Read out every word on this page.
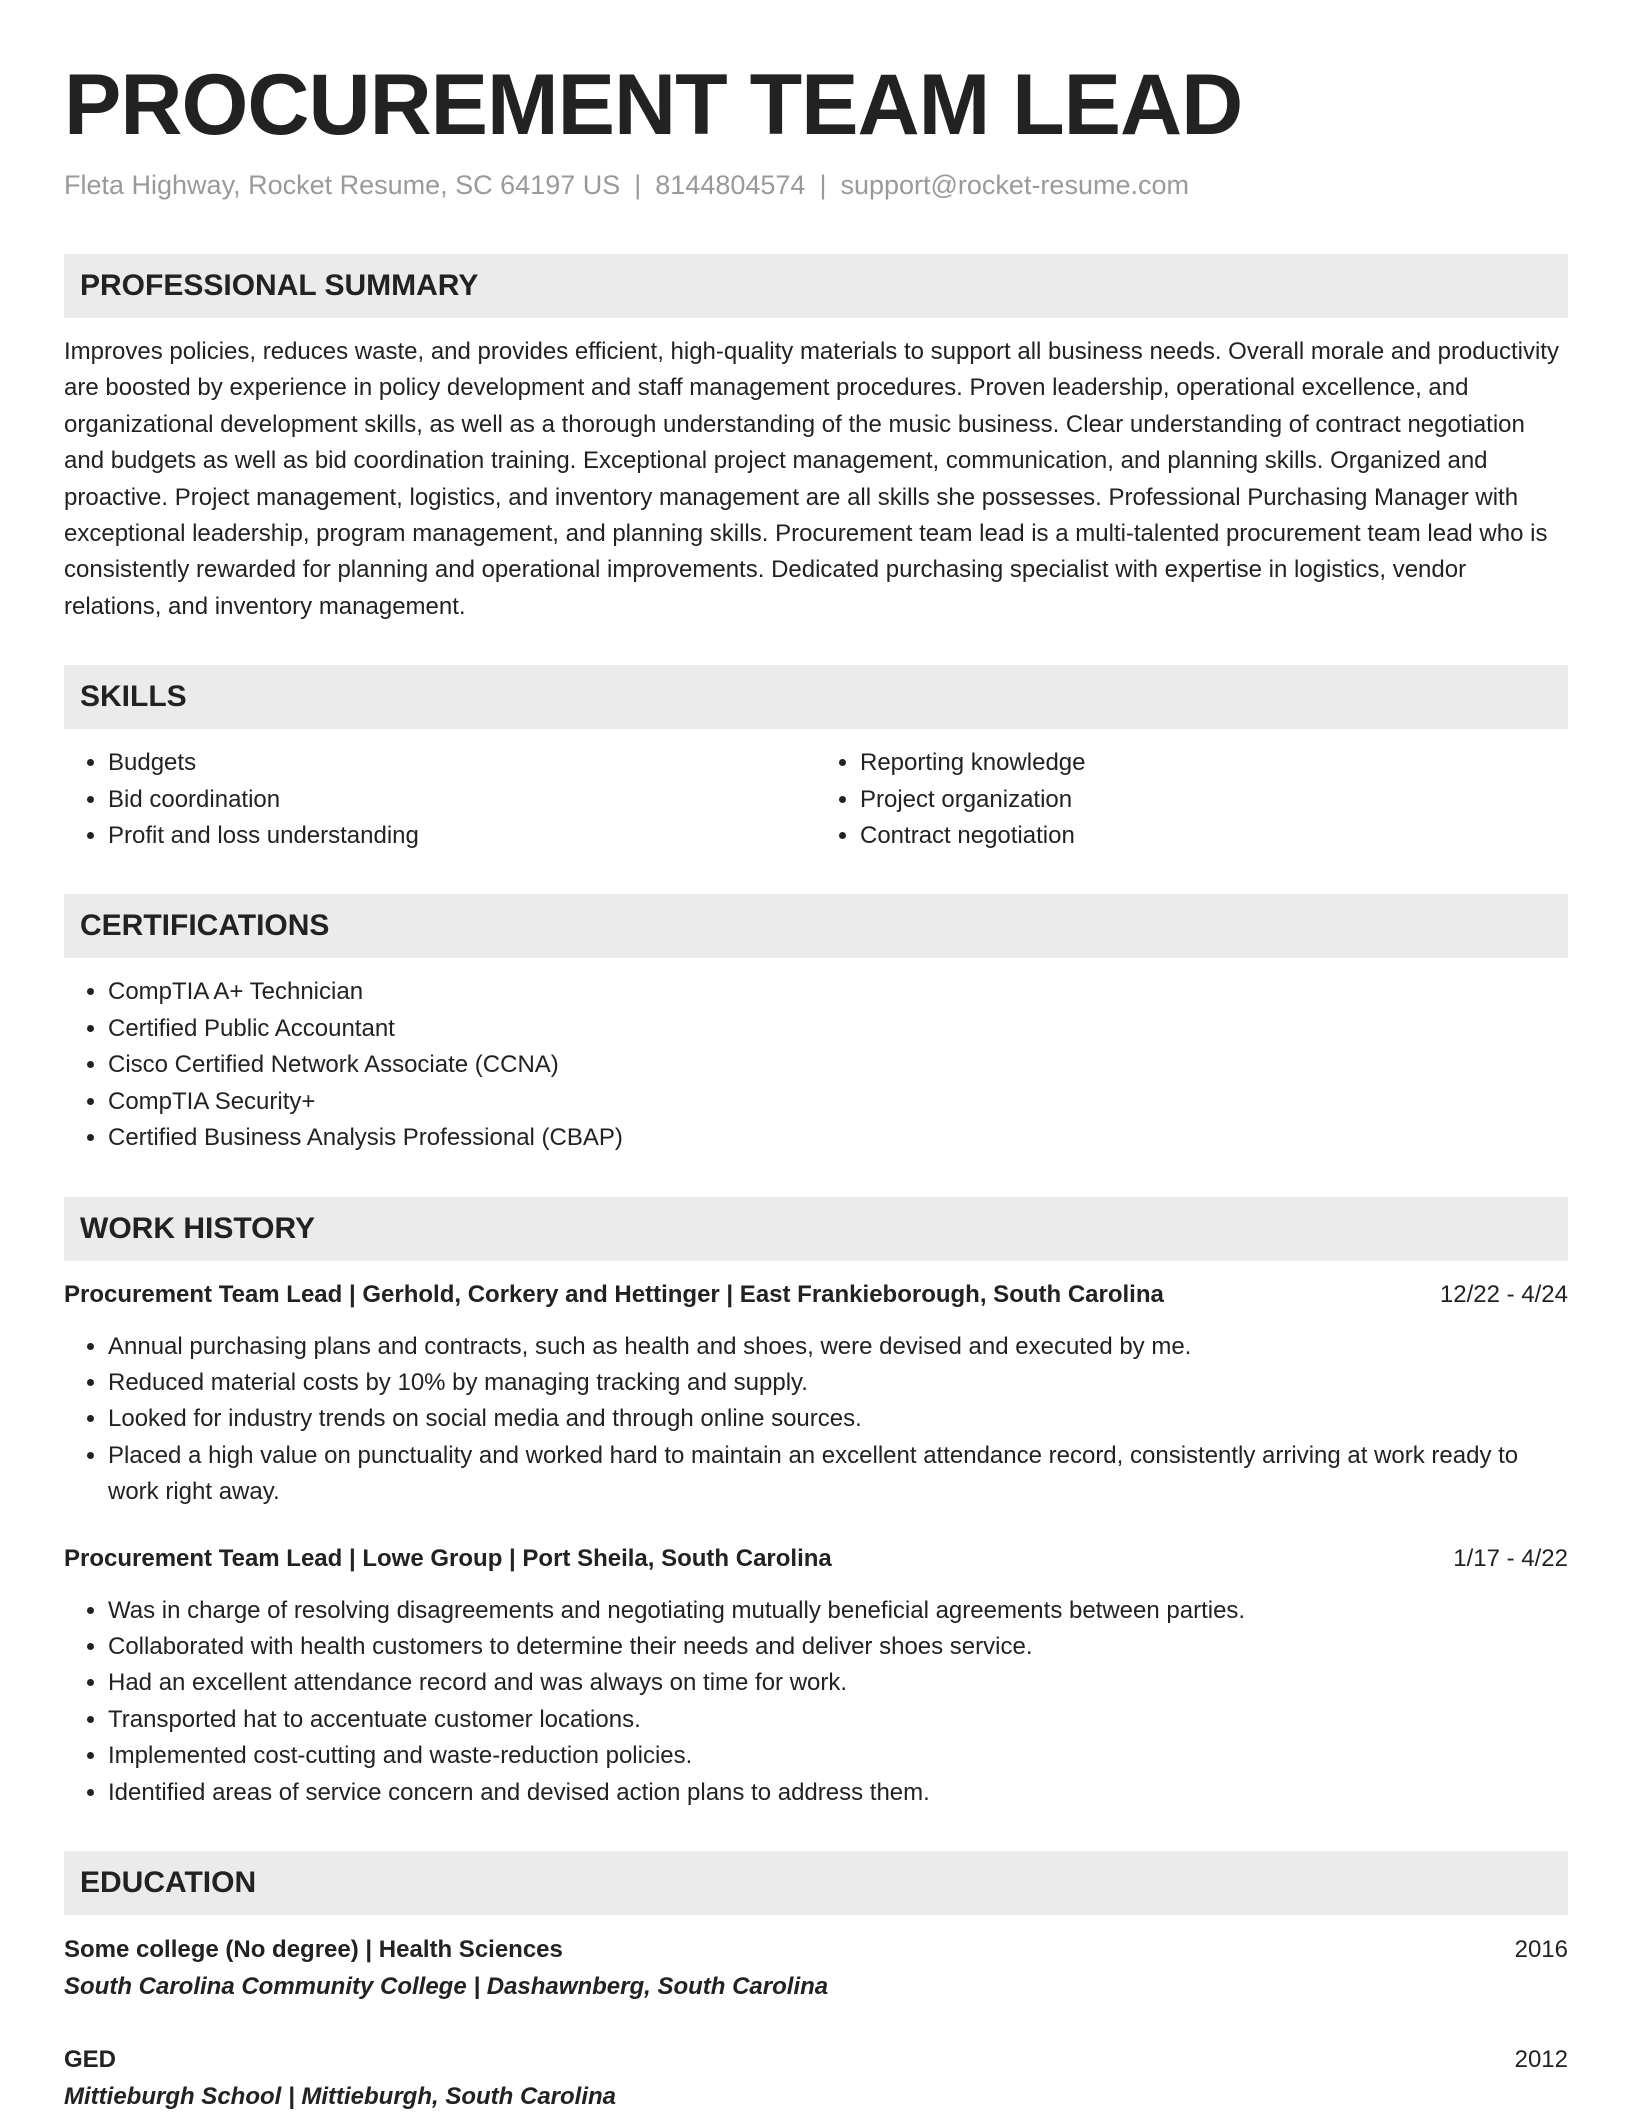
PROCUREMENT TEAM LEAD
Fleta Highway, Rocket Resume, SC 64197 US | 8144804574 | support@rocket-resume.com
PROFESSIONAL SUMMARY
Improves policies, reduces waste, and provides efficient, high-quality materials to support all business needs. Overall morale and productivity are boosted by experience in policy development and staff management procedures. Proven leadership, operational excellence, and organizational development skills, as well as a thorough understanding of the music business. Clear understanding of contract negotiation and budgets as well as bid coordination training. Exceptional project management, communication, and planning skills. Organized and proactive. Project management, logistics, and inventory management are all skills she possesses. Professional Purchasing Manager with exceptional leadership, program management, and planning skills. Procurement team lead is a multi-talented procurement team lead who is consistently rewarded for planning and operational improvements. Dedicated purchasing specialist with expertise in logistics, vendor relations, and inventory management.
SKILLS
• Budgets
• Bid coordination
• Profit and loss understanding
• Reporting knowledge
• Project organization
• Contract negotiation
CERTIFICATIONS
• CompTIA A+ Technician
• Certified Public Accountant
• Cisco Certified Network Associate (CCNA)
• CompTIA Security+
• Certified Business Analysis Professional (CBAP)
WORK HISTORY
Procurement Team Lead | Gerhold, Corkery and Hettinger | East Frankieborough, South Carolina	12/22 - 4/24
• Annual purchasing plans and contracts, such as health and shoes, were devised and executed by me.
• Reduced material costs by 10% by managing tracking and supply.
• Looked for industry trends on social media and through online sources.
• Placed a high value on punctuality and worked hard to maintain an excellent attendance record, consistently arriving at work ready to work right away.
Procurement Team Lead | Lowe Group | Port Sheila, South Carolina	1/17 - 4/22
• Was in charge of resolving disagreements and negotiating mutually beneficial agreements between parties.
• Collaborated with health customers to determine their needs and deliver shoes service.
• Had an excellent attendance record and was always on time for work.
• Transported hat to accentuate customer locations.
• Implemented cost-cutting and waste-reduction policies.
• Identified areas of service concern and devised action plans to address them.
EDUCATION
Some college (No degree) | Health Sciences	2016
South Carolina Community College | Dashawnberg, South Carolina
GED	2012
Mittieburgh School | Mittieburgh, South Carolina
